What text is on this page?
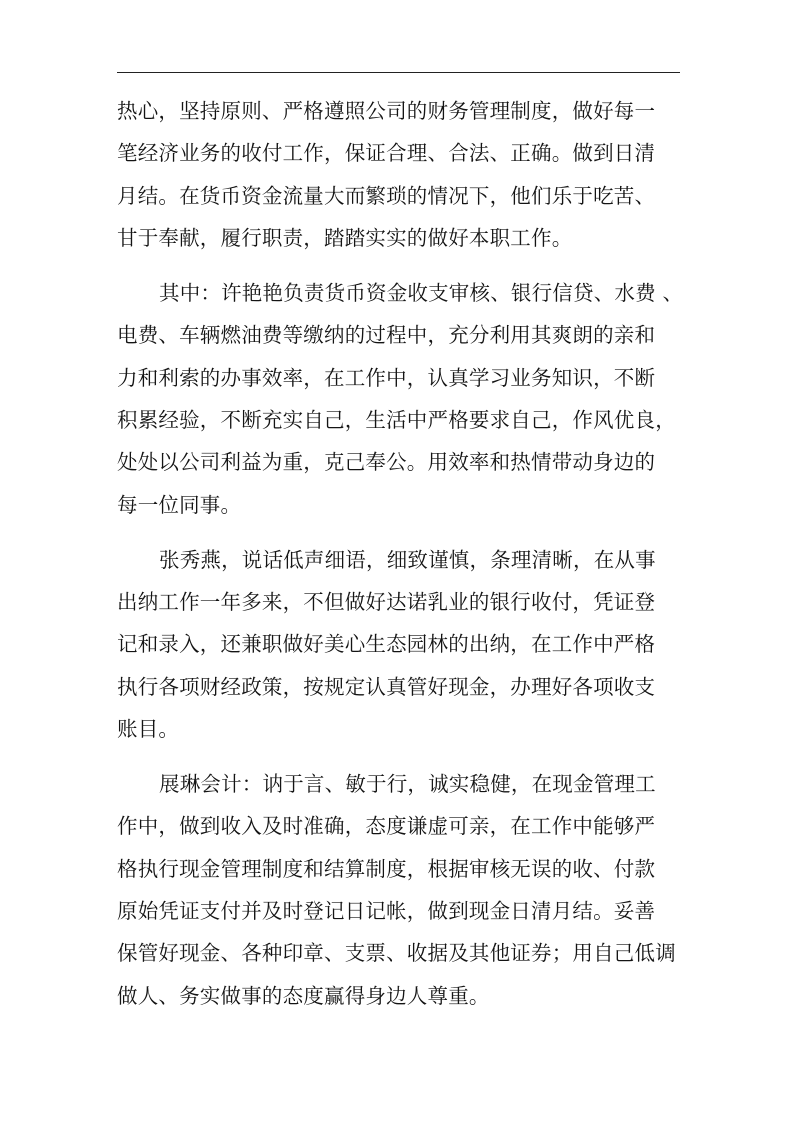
热心，坚持原则、严格遵照公司的财务管理制度，做好每一
笔经济业务的收付工作，保证合理、合法、正确。做到日清
月结。在货币资金流量大而繁琐的情况下，他们乐于吃苦、
甘于奉献，履行职责，踏踏实实的做好本职工作。
其中：许艳艳负责货币资金收支审核、银行信贷、水费 、
电费、车辆燃油费等缴纳的过程中，充分利用其爽朗的亲和
力和利索的办事效率，在工作中，认真学习业务知识，不断
积累经验，不断充实自己，生活中严格要求自己，作风优良，
处处以公司利益为重，克己奉公。用效率和热情带动身边的
每一位同事。
张秀燕，说话低声细语，细致谨慎，条理清晰，在从事
出纳工作一年多来，不但做好达诺乳业的银行收付，凭证登
记和录入，还兼职做好美心生态园林的出纳，在工作中严格
执行各项财经政策，按规定认真管好现金，办理好各项收支
账目。
展琳会计：讷于言、敏于行，诚实稳健，在现金管理工
作中，做到收入及时准确，态度谦虚可亲，在工作中能够严
格执行现金管理制度和结算制度，根据审核无误的收、付款
原始凭证支付并及时登记日记帐，做到现金日清月结。妥善
保管好现金、各种印章、支票、收据及其他证券；用自己低调
做人、务实做事的态度赢得身边人尊重。
